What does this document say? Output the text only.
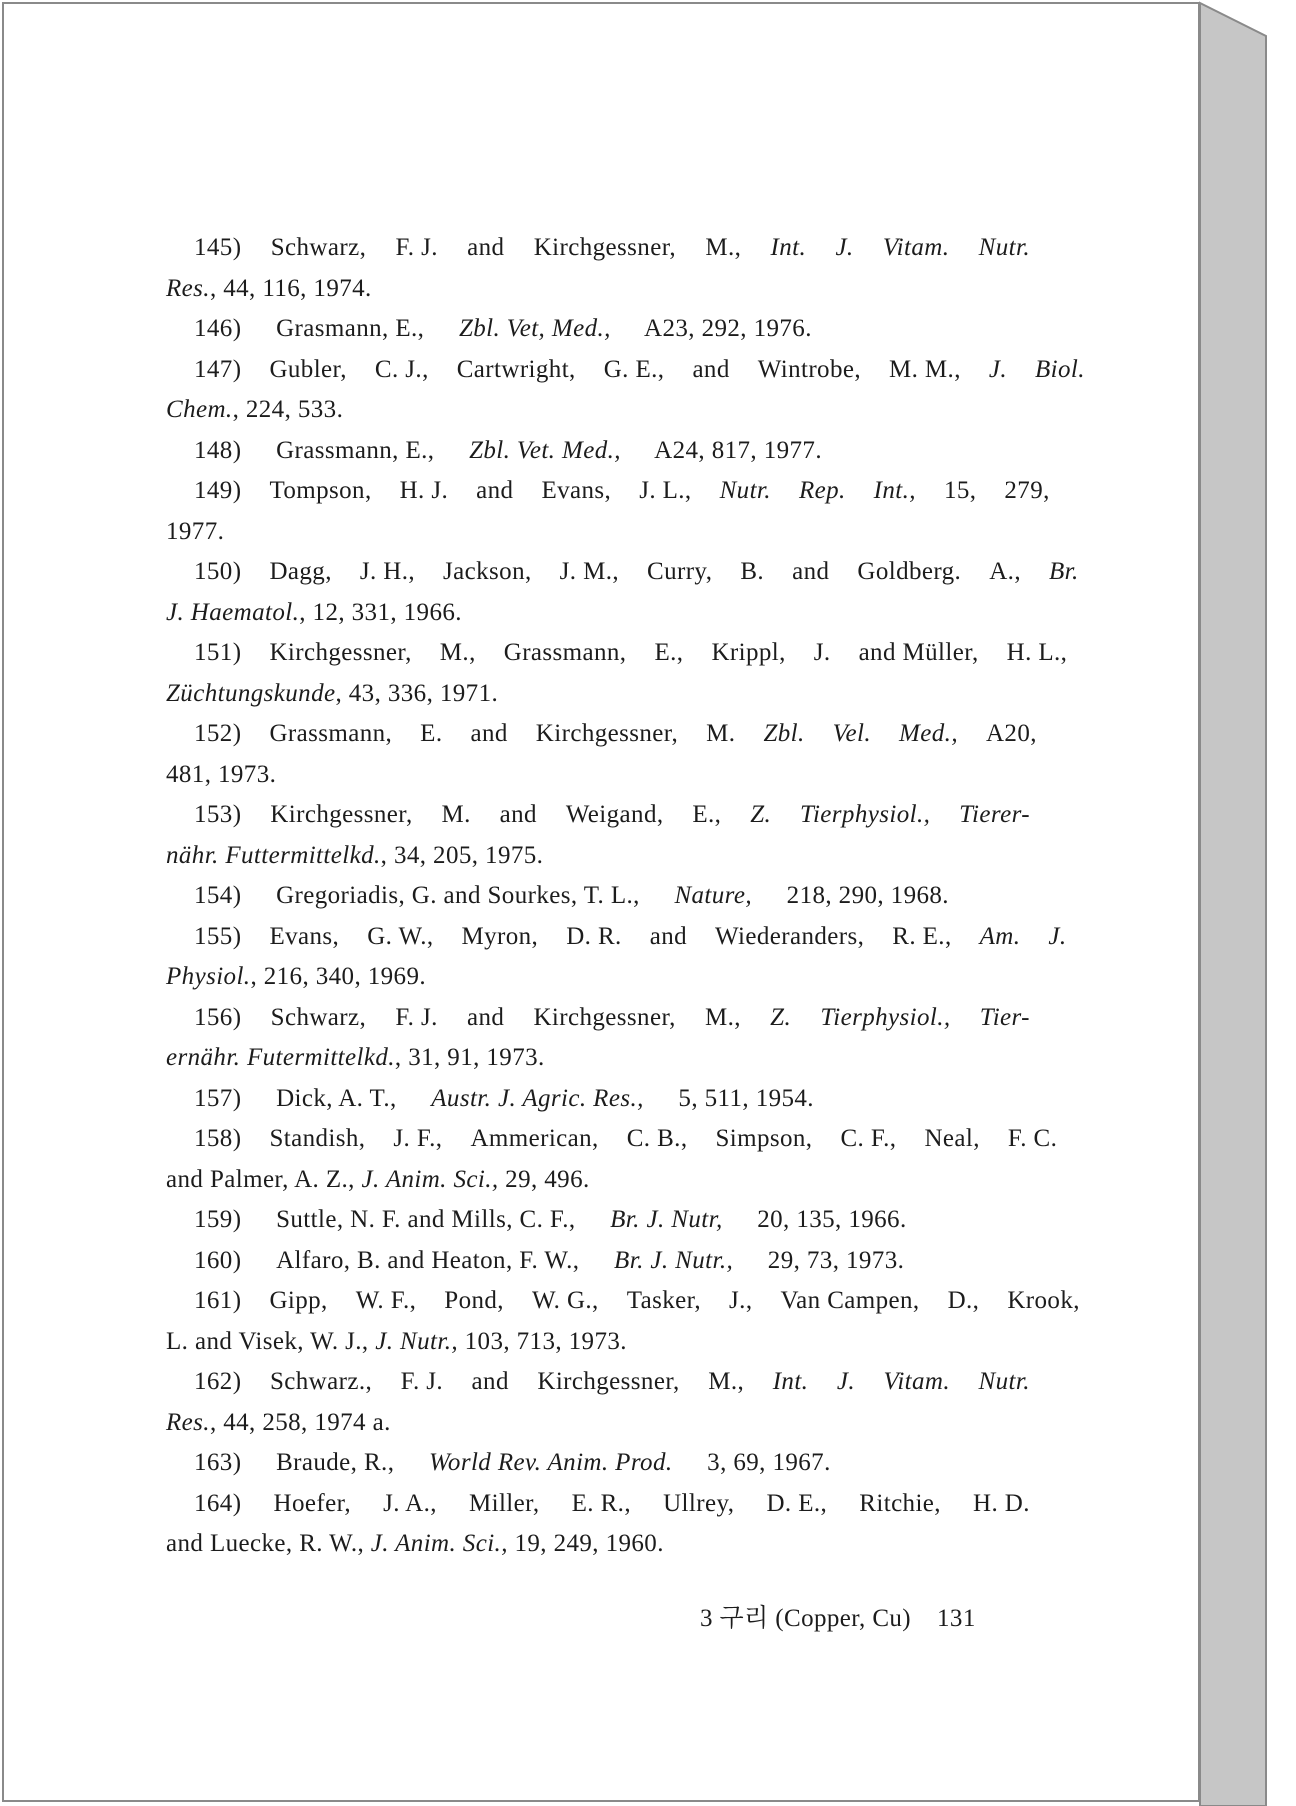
145)	Schwarz,	F. J.	and	Kirchgessner,	M.,	Int.	J.	Vitam.	Nutr.
Res., 44, 116, 1974.
146)	Grasmann, E.,	Zbl. Vet, Med.,	A23, 292, 1976.
147)	Gubler,	C. J.,	Cartwright,	G. E.,	and	Wintrobe,	M. M.,	J.	Biol.
Chem., 224, 533.
148)	Grassmann, E.,	Zbl. Vet. Med.,	A24, 817, 1977.
149)	Tompson,	H. J.	and	Evans,	J. L.,	Nutr.	Rep.	Int.,	15,	279,
1977.
150)	Dagg,	J. H.,	Jackson,	J. M.,	Curry,	B.	and	Goldberg.	A.,	Br.
J. Haematol., 12, 331, 1966.
151)	Kirchgessner,	M.,	Grassmann,	E.,	Krippl,	J.	and Müller,	H. L.,
Züchtungskunde, 43, 336, 1971.
152)	Grassmann,	E.	and	Kirchgessner,	M.	Zbl.	Vel.	Med.,	A20,
481, 1973.
153)	Kirchgessner,	M.	and	Weigand,	E.,	Z.	Tierphysiol.,	Tierer-
nähr. Futtermittelkd., 34, 205, 1975.
154)	Gregoriadis, G. and Sourkes, T. L.,	Nature,	218, 290, 1968.
155)	Evans,	G. W.,	Myron,	D. R.	and	Wiederanders,	R. E.,	Am.	J.
Physiol., 216, 340, 1969.
156)	Schwarz,	F. J.	and	Kirchgessner,	M.,	Z.	Tierphysiol.,	Tier-
ernähr. Futermittelkd., 31, 91, 1973.
157)	Dick, A. T.,	Austr. J. Agric. Res.,	5, 511, 1954.
158)	Standish,	J. F.,	Ammerican,	C. B.,	Simpson,	C. F.,	Neal,	F. C.
and Palmer, A. Z., J. Anim. Sci., 29, 496.
159)	Suttle, N. F. and Mills, C. F.,	Br. J. Nutr,	20, 135, 1966.
160)	Alfaro, B. and Heaton, F. W.,	Br. J. Nutr.,	29, 73, 1973.
161)	Gipp,	W. F.,	Pond,	W. G.,	Tasker,	J.,	Van Campen,	D.,	Krook,
L. and Visek, W. J., J. Nutr., 103, 713, 1973.
162)	Schwarz.,	F. J.	and	Kirchgessner,	M.,	Int.	J.	Vitam.	Nutr.
Res., 44, 258, 1974 a.
163)	Braude, R.,	World Rev. Anim. Prod.	3, 69, 1967.
164)	Hoefer,	J. A.,	Miller,	E. R.,	Ullrey,	D. E.,	Ritchie,	H. D.
and Luecke, R. W., J. Anim. Sci., 19, 249, 1960.
3 구리 (Copper, Cu) 131
